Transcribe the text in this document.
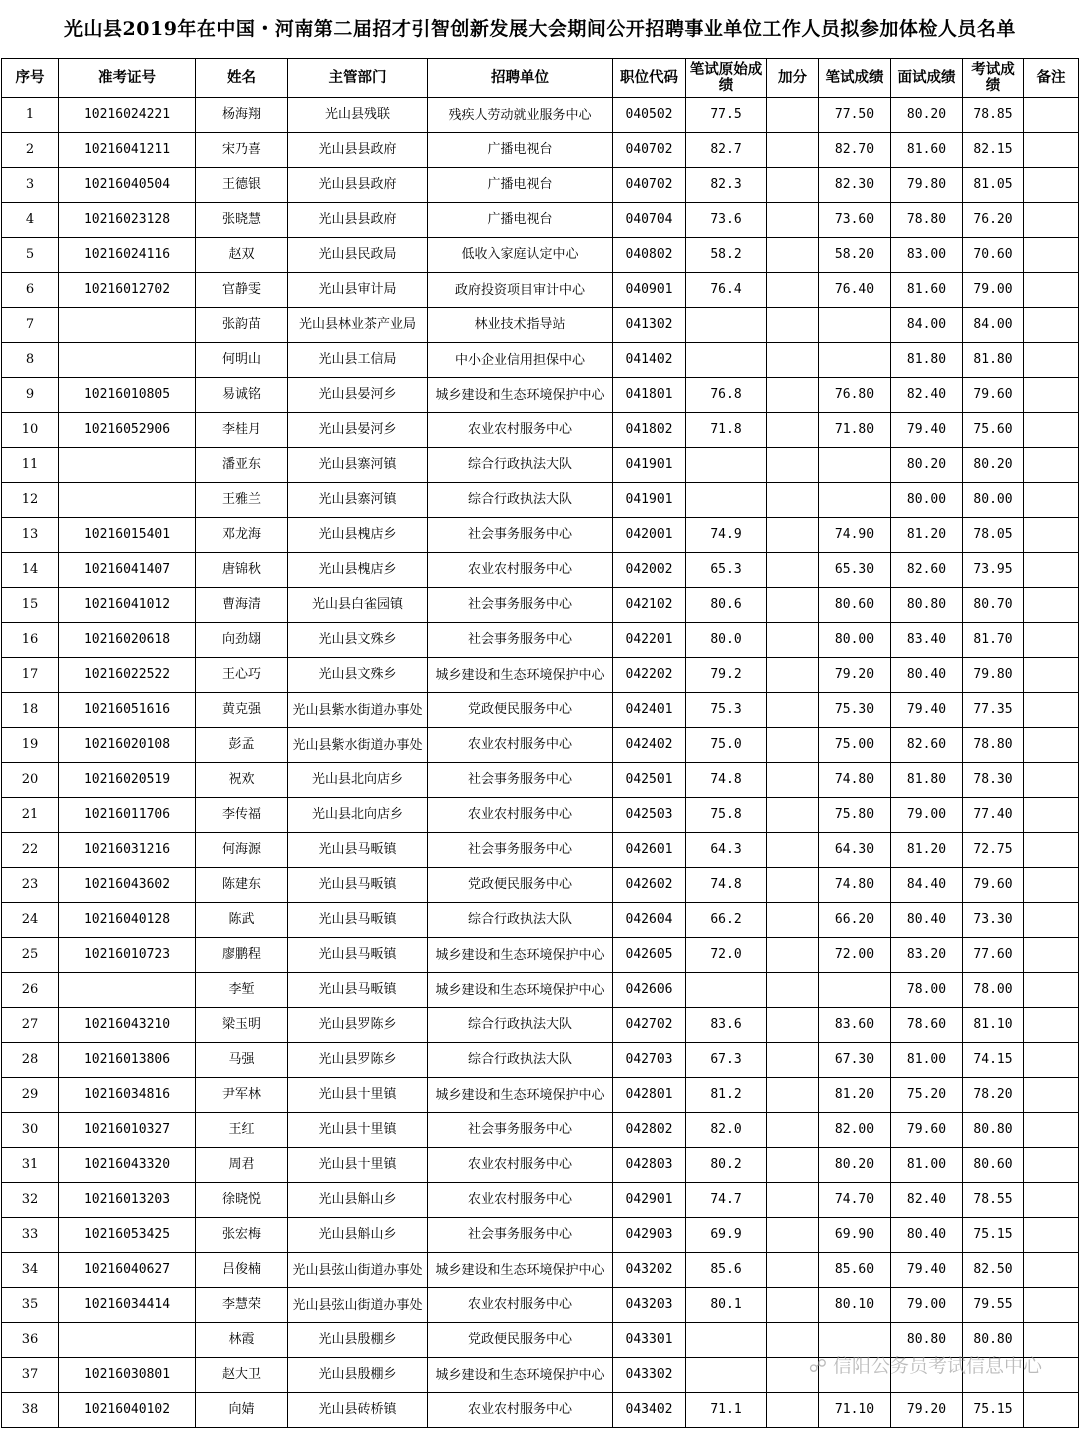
光山县2019年在中国・河南第二届招才引智创新发展大会期间公开招聘事业单位工作人员拟参加体检人员名单
序号	准考证号	姓名	主管部门	招聘单位	职位代码	笔试原始成绩	加分	笔试成绩	面试成绩	考试成绩	备注
1	10216024221	杨海翔	光山县残联	残疾人劳动就业服务中心	040502	77.5		77.50	80.20	78.85	
2	10216041211	宋乃喜	光山县县政府	广播电视台	040702	82.7		82.70	81.60	82.15	
3	10216040504	王德银	光山县县政府	广播电视台	040702	82.3		82.30	79.80	81.05	
4	10216023128	张晓慧	光山县县政府	广播电视台	040704	73.6		73.60	78.80	76.20	
5	10216024116	赵双	光山县民政局	低收入家庭认定中心	040802	58.2		58.20	83.00	70.60	
6	10216012702	官静雯	光山县审计局	政府投资项目审计中心	040901	76.4		76.40	81.60	79.00	
7		张韵苗	光山县林业茶产业局	林业技术指导站	041302				84.00	84.00	
8		何明山	光山县工信局	中小企业信用担保中心	041402				81.80	81.80	
9	10216010805	易诚铭	光山县晏河乡	城乡建设和生态环境保护中心	041801	76.8		76.80	82.40	79.60	
10	10216052906	李桂月	光山县晏河乡	农业农村服务中心	041802	71.8		71.80	79.40	75.60	
11		潘亚东	光山县寨河镇	综合行政执法大队	041901				80.20	80.20	
12		王雅兰	光山县寨河镇	综合行政执法大队	041901				80.00	80.00	
13	10216015401	邓龙海	光山县槐店乡	社会事务服务中心	042001	74.9		74.90	81.20	78.05	
14	10216041407	唐锦秋	光山县槐店乡	农业农村服务中心	042002	65.3		65.30	82.60	73.95	
15	10216041012	曹海清	光山县白雀园镇	社会事务服务中心	042102	80.6		80.60	80.80	80.70	
16	10216020618	向劲翃	光山县文殊乡	社会事务服务中心	042201	80.0		80.00	83.40	81.70	
17	10216022522	王心巧	光山县文殊乡	城乡建设和生态环境保护中心	042202	79.2		79.20	80.40	79.80	
18	10216051616	黄克强	光山县紫水街道办事处	党政便民服务中心	042401	75.3		75.30	79.40	77.35	
19	10216020108	彭孟	光山县紫水街道办事处	农业农村服务中心	042402	75.0		75.00	82.60	78.80	
20	10216020519	祝欢	光山县北向店乡	社会事务服务中心	042501	74.8		74.80	81.80	78.30	
21	10216011706	李传福	光山县北向店乡	农业农村服务中心	042503	75.8		75.80	79.00	77.40	
22	10216031216	何海源	光山县马畈镇	社会事务服务中心	042601	64.3		64.30	81.20	72.75	
23	10216043602	陈建东	光山县马畈镇	党政便民服务中心	042602	74.8		74.80	84.40	79.60	
24	10216040128	陈武	光山县马畈镇	综合行政执法大队	042604	66.2		66.20	80.40	73.30	
25	10216010723	廖鹏程	光山县马畈镇	城乡建设和生态环境保护中心	042605	72.0		72.00	83.20	77.60	
26		李堑	光山县马畈镇	城乡建设和生态环境保护中心	042606				78.00	78.00	
27	10216043210	梁玉明	光山县罗陈乡	综合行政执法大队	042702	83.6		83.60	78.60	81.10	
28	10216013806	马强	光山县罗陈乡	综合行政执法大队	042703	67.3		67.30	81.00	74.15	
29	10216034816	尹军林	光山县十里镇	城乡建设和生态环境保护中心	042801	81.2		81.20	75.20	78.20	
30	10216010327	王红	光山县十里镇	社会事务服务中心	042802	82.0		82.00	79.60	80.80	
31	10216043320	周君	光山县十里镇	农业农村服务中心	042803	80.2		80.20	81.00	80.60	
32	10216013203	徐晓悦	光山县斛山乡	农业农村服务中心	042901	74.7		74.70	82.40	78.55	
33	10216053425	张宏梅	光山县斛山乡	社会事务服务中心	042903	69.9		69.90	80.40	75.15	
34	10216040627	吕俊楠	光山县弦山街道办事处	城乡建设和生态环境保护中心	043202	85.6		85.60	79.40	82.50	
35	10216034414	李慧荣	光山县弦山街道办事处	农业农村服务中心	043203	80.1		80.10	79.00	79.55	
36		林霞	光山县殷棚乡	党政便民服务中心	043301				80.80	80.80	
37	10216030801	赵大卫	光山县殷棚乡	城乡建设和生态环境保护中心	043302						
38	10216040102	向婧	光山县砖桥镇	农业农村服务中心	043402	71.1		71.10	79.20	75.15	
☍ 信阳公务员考试信息中心
